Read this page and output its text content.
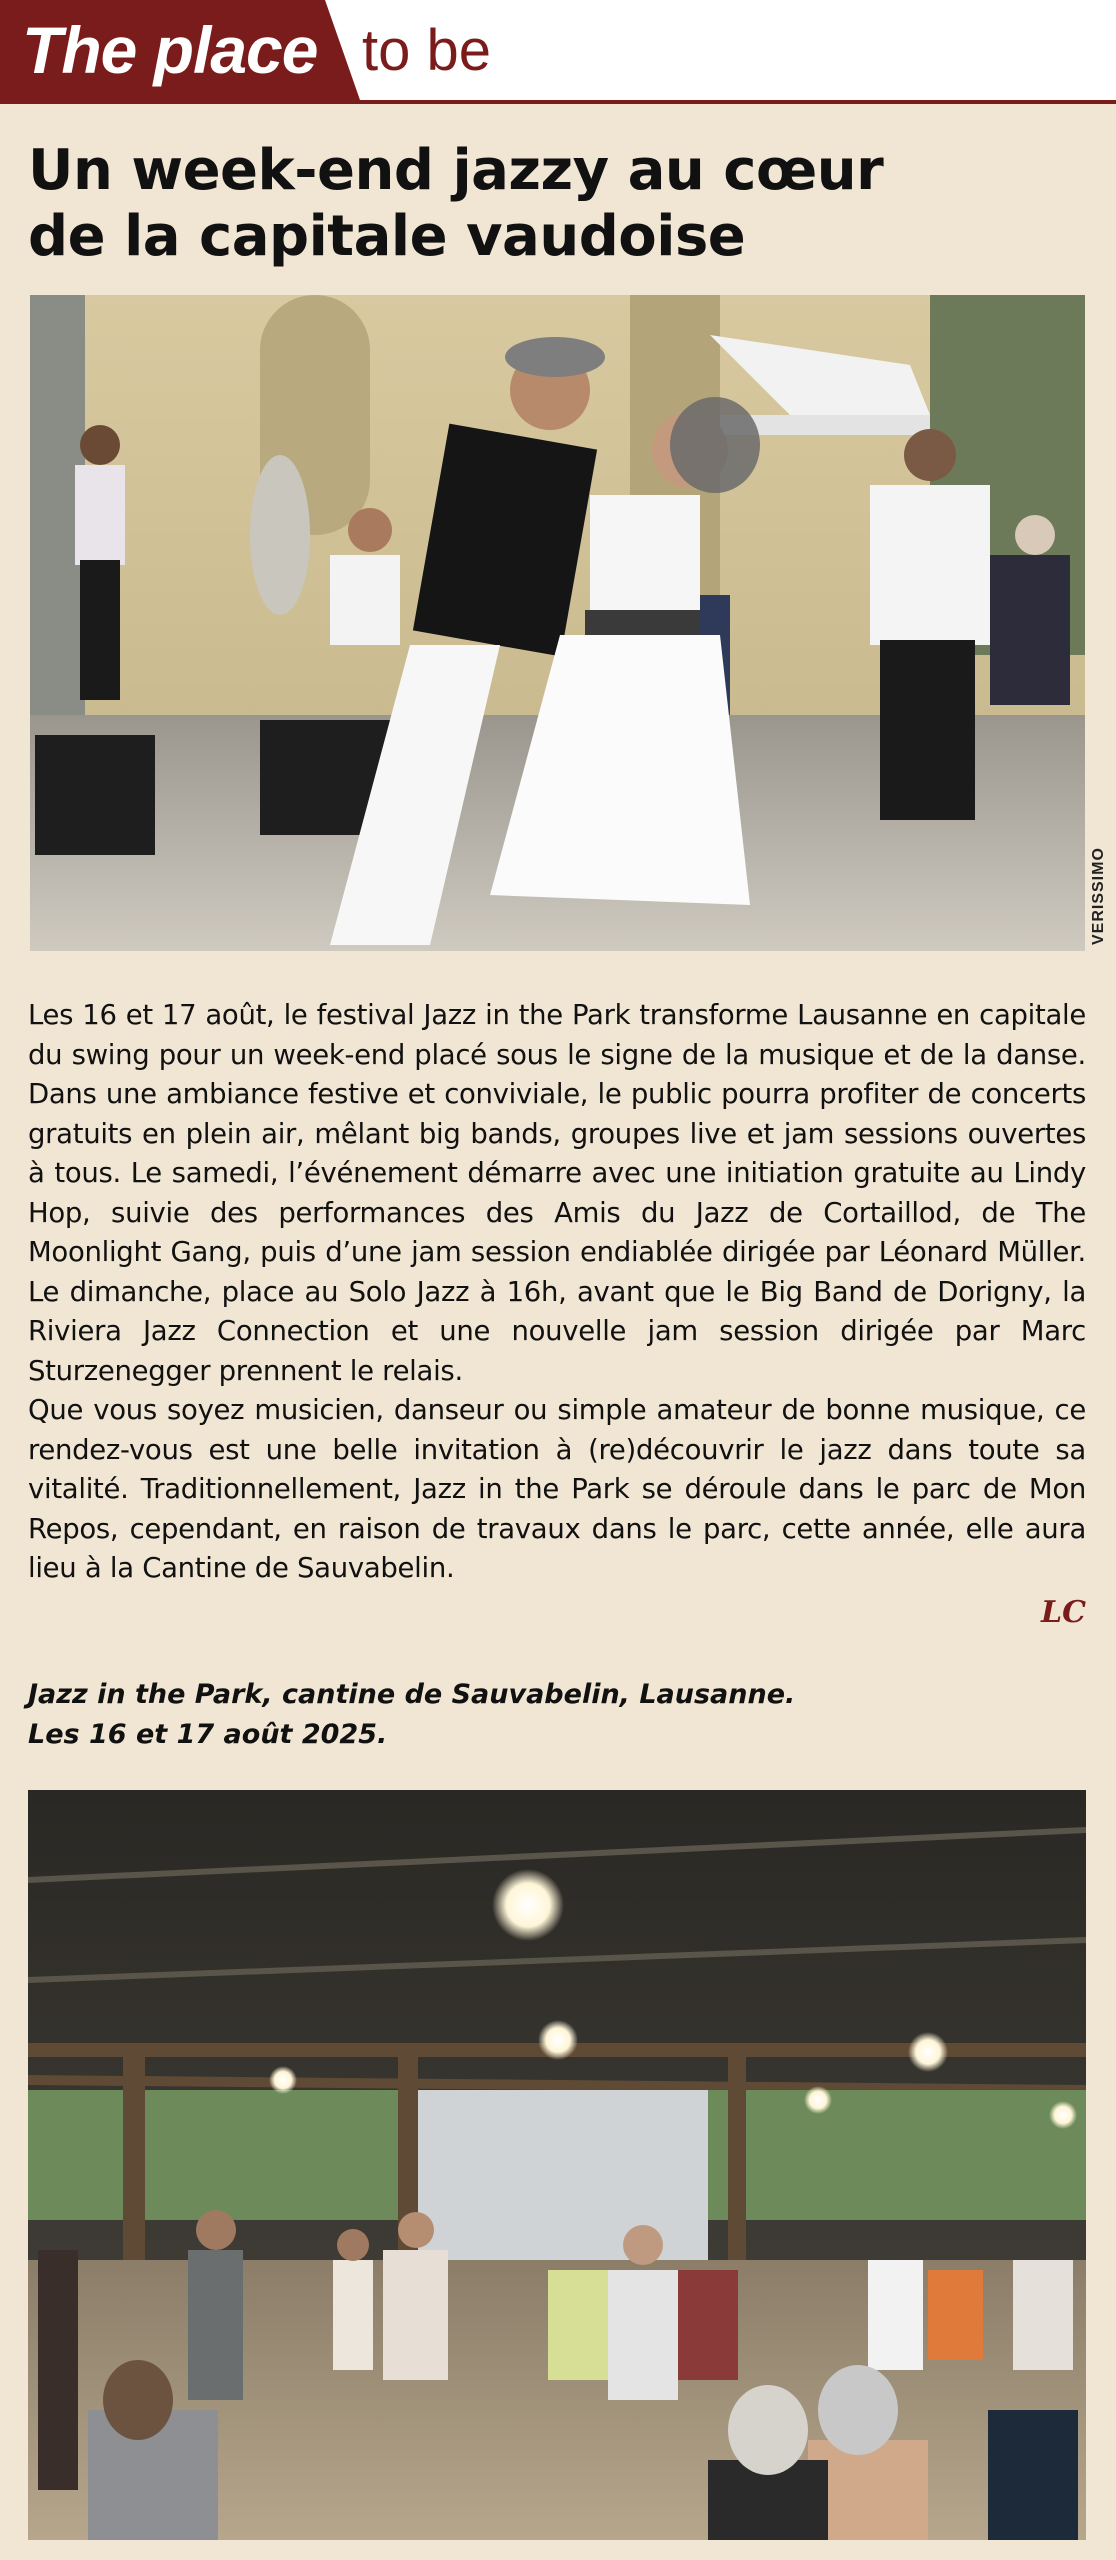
The place to be
Un week-end jazzy au cœur
de la capitale vaudoise
VERISSIMO

Les 16 et 17 août, le festival Jazz in the Park transforme Lausanne en capitale du swing pour un week-end placé sous le signe de la musique et de la danse. Dans une ambiance festive et conviviale, le public pourra profiter de concerts gratuits en plein air, mêlant big bands, groupes live et jam sessions ouvertes à tous. Le samedi, l’événement démarre avec une initiation gratuite au Lindy Hop, suivie des performances des Amis du Jazz de Cortaillod, de The Moonlight Gang, puis d’une jam session endiablée dirigée par Léonard Müller. Le dimanche, place au Solo Jazz à 16h, avant que le Big Band de Dorigny, la Riviera Jazz Connection et une nouvelle jam session dirigée par Marc Sturzenegger prennent le relais.

Que vous soyez musicien, danseur ou simple amateur de bonne musique, ce rendez-vous est une belle invitation à (re)découvrir le jazz dans toute sa vitalité. Traditionnellement, Jazz in the Park se déroule dans le parc de Mon Repos, cependant, en raison de travaux dans le parc, cette année, elle aura lieu à la Cantine de Sauvabelin.

LC
Jazz in the Park, cantine de Sauvabelin, Lausanne.
Les 16 et 17 août 2025.
